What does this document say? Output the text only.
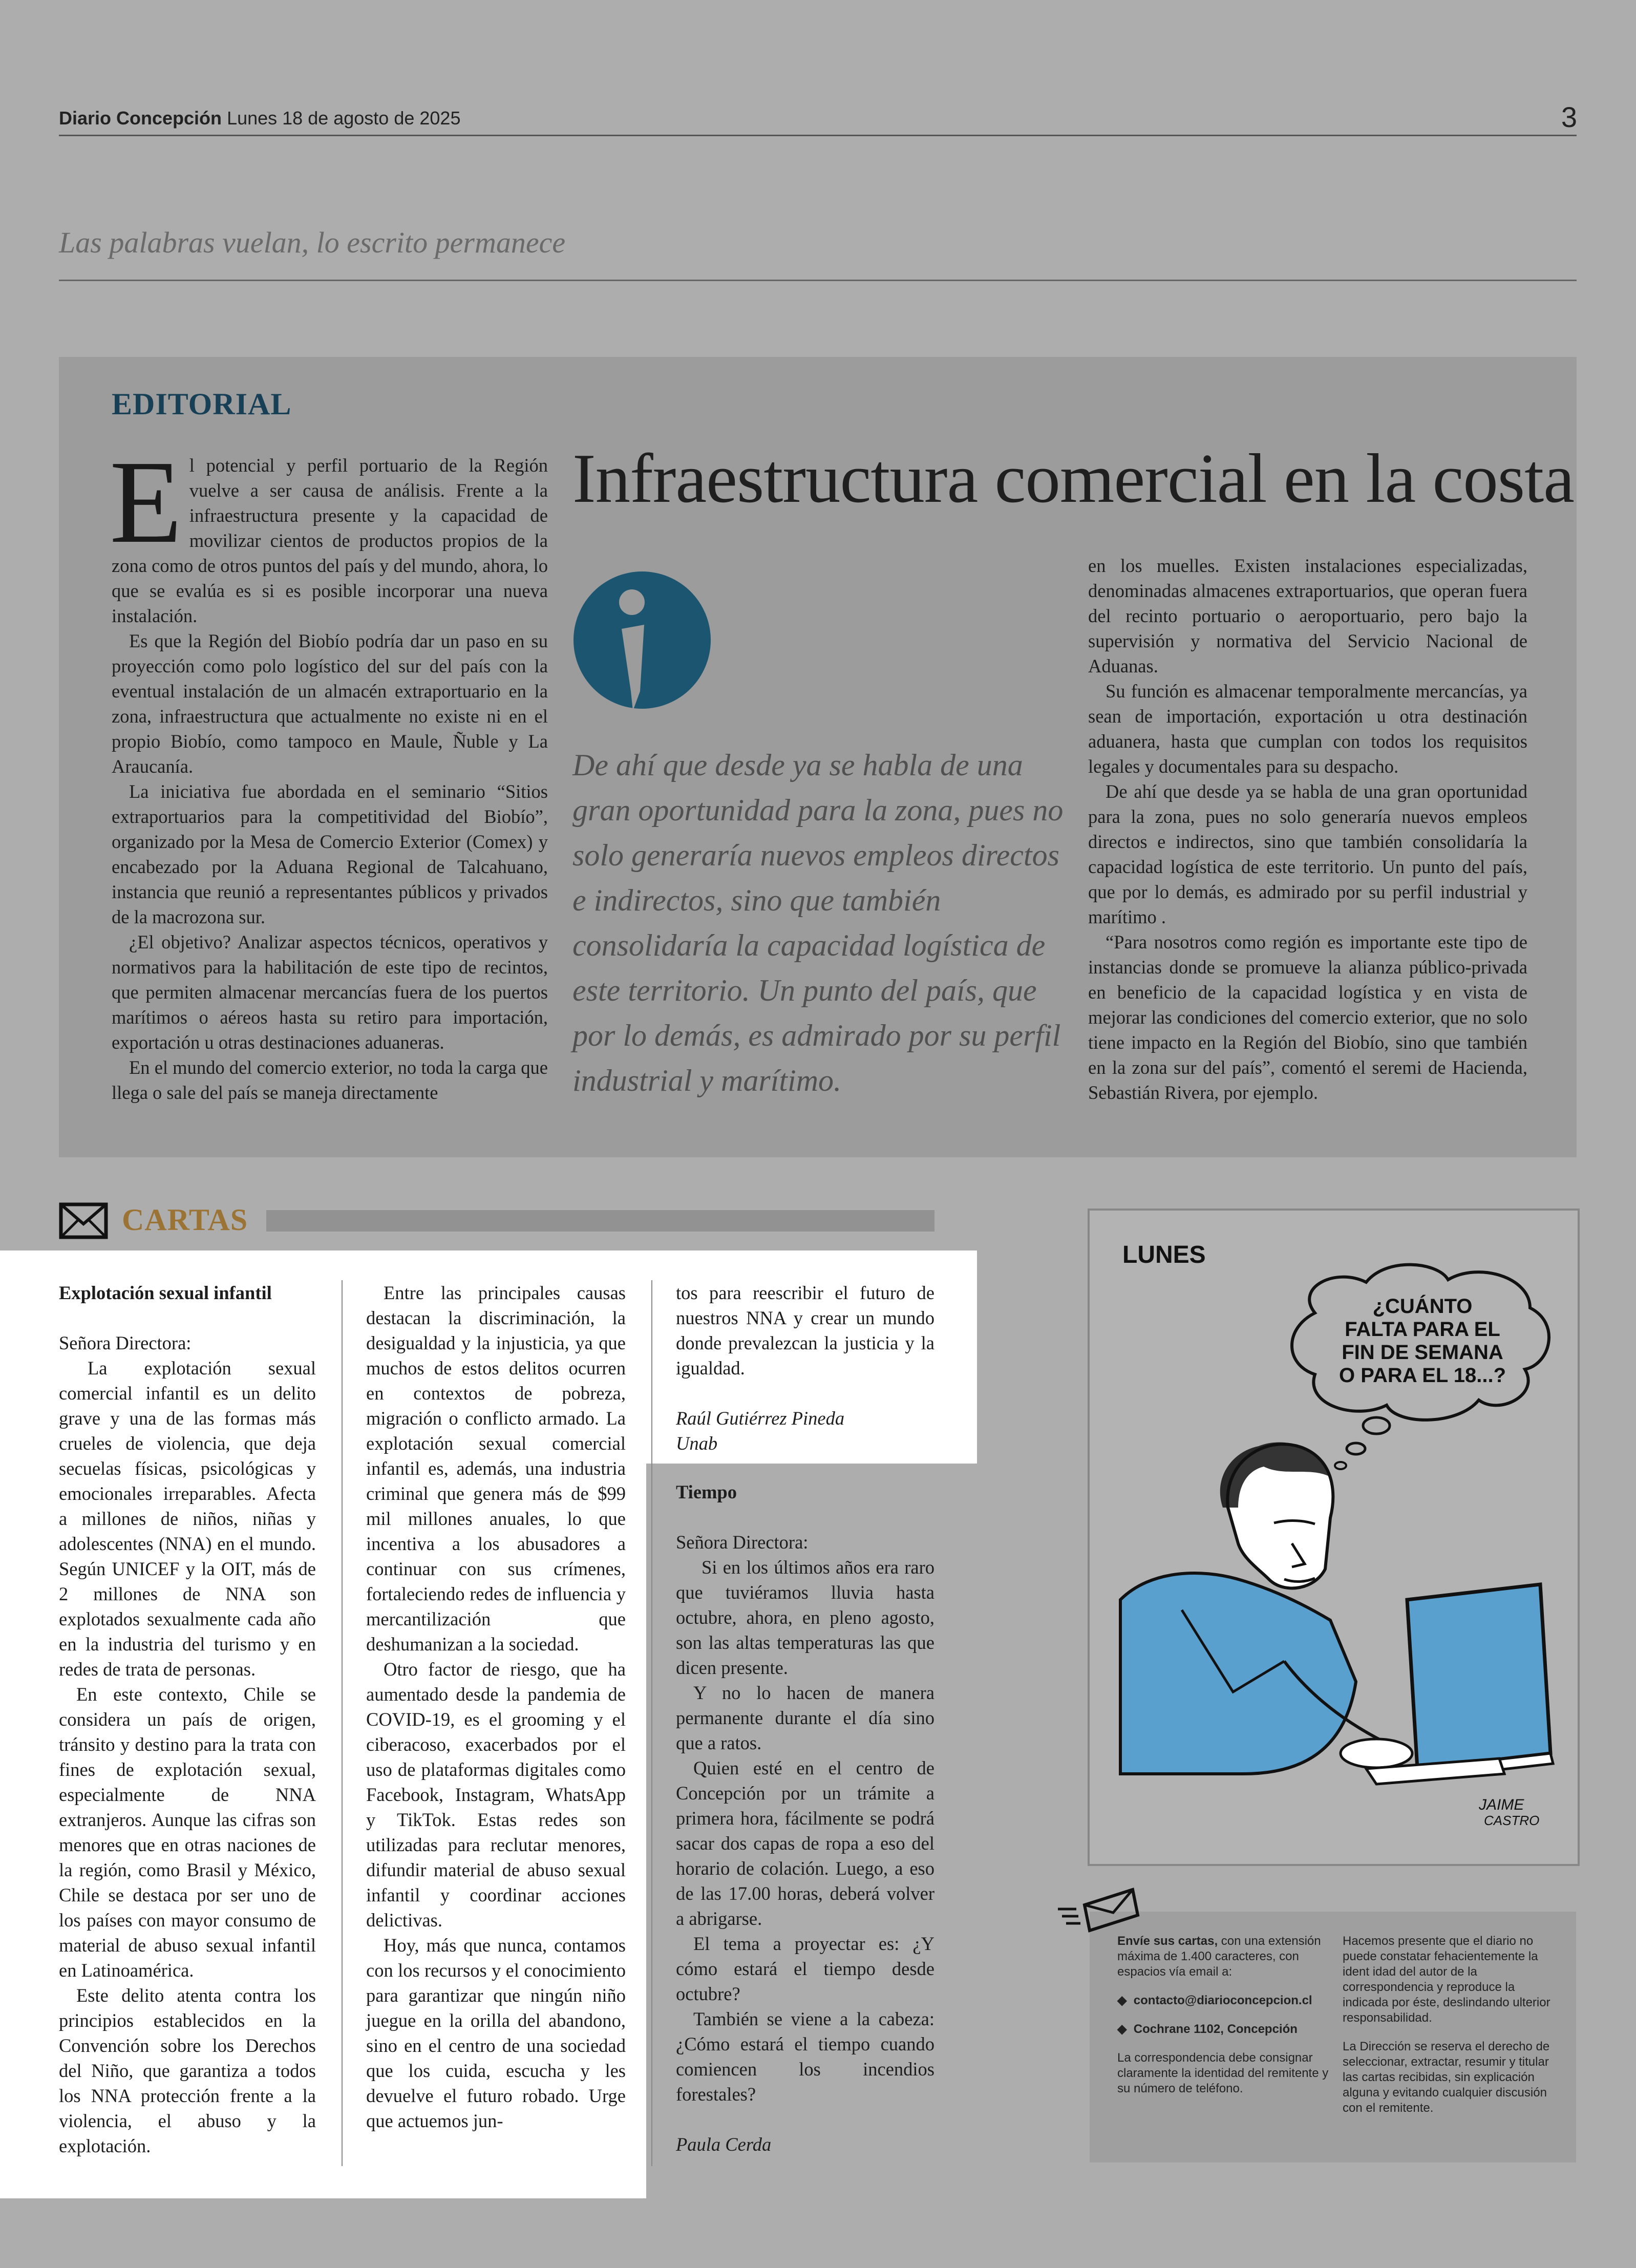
Diario Concepción Lunes 18 de agosto de 2025	3
Las palabras vuelan, lo escrito permanece
EDITORIAL

El potencial y perfil portuario de la Región vuelve a ser causa de análisis. Frente a la infraestructura presente y la capacidad de movilizar cientos de productos propios de la zona como de otros puntos del país y del mundo, ahora, lo que se evalúa es si es posible incorporar una nueva instalación.

Es que la Región del Biobío podría dar un paso en su proyección como polo logístico del sur del país con la eventual instalación de un almacén extraportuario en la zona, infraestructura que actualmente no existe ni en el propio Biobío, como tampoco en Maule, Ñuble y La Araucanía.

La iniciativa fue abordada en el seminario “Sitios extraportuarios para la competitividad del Biobío”, organizado por la Mesa de Comercio Exterior (Comex) y encabezado por la Aduana Regional de Talcahuano, instancia que reunió a representantes públicos y privados de la macrozona sur.

¿El objetivo? Analizar aspectos técnicos, operativos y normativos para la habilitación de este tipo de recintos, que permiten almacenar mercancías fuera de los puertos marítimos o aéreos hasta su retiro para importación, exportación u otras destinaciones aduaneras.

En el mundo del comercio exterior, no toda la carga que llega o sale del país se maneja directamente

Infraestructura comercial en la costa
De ahí que desde ya se habla de una gran oportunidad para la zona, pues no solo generaría nuevos empleos directos e indirectos, sino que también consolidaría la capacidad logística de este territorio. Un punto del país, que por lo demás, es admirado por su perfil industrial y marítimo.

en los muelles. Existen instalaciones especializadas, denominadas almacenes extraportuarios, que operan fuera del recinto portuario o aeroportuario, pero bajo la supervisión y normativa del Servicio Nacional de Aduanas.

Su función es almacenar temporalmente mercancías, ya sean de importación, exportación u otra destinación aduanera, hasta que cumplan con todos los requisitos legales y documentales para su despacho.

De ahí que desde ya se habla de una gran oportunidad para la zona, pues no solo generaría nuevos empleos directos e indirectos, sino que también consolidaría la capacidad logística de este territorio. Un punto del país, que por lo demás, es admirado por su perfil industrial y marítimo .

“Para nosotros como región es importante este tipo de instancias donde se promueve la alianza público-privada en beneficio de la capacidad logística y en vista de mejorar las condiciones del comercio exterior, que no solo tiene impacto en la Región del Biobío, sino que también en la zona sur del país”, comentó el seremi de Hacienda, Sebastián Rivera, por ejemplo.

CARTAS

Explotación sexual infantil

Señora Directora:

La explotación sexual comercial infantil es un delito grave y una de las formas más crueles de violencia, que deja secuelas físicas, psicológicas y emocionales irreparables. Afecta a millones de niños, niñas y adolescentes (NNA) en el mundo. Según UNICEF y la OIT, más de 2 millones de NNA son explotados sexualmente cada año en la industria del turismo y en redes de trata de personas.

En este contexto, Chile se considera un país de origen, tránsito y destino para la trata con fines de explotación sexual, especialmente de NNA extranjeros. Aunque las cifras son menores que en otras naciones de la región, como Brasil y México, Chile se destaca por ser uno de los países con mayor consumo de material de abuso sexual infantil en Latinoamérica.

Este delito atenta contra los principios establecidos en la Convención sobre los Derechos del Niño, que garantiza a todos los NNA protección frente a la violencia, el abuso y la explotación.

Entre las principales causas destacan la discriminación, la desigualdad y la injusticia, ya que muchos de estos delitos ocurren en contextos de pobreza, migración o conflicto armado. La explotación sexual comercial infantil es, además, una industria criminal que genera más de $99 mil millones anuales, lo que incentiva a los abusadores a continuar con sus crímenes, fortaleciendo redes de influencia y mercantilización que deshumanizan a la sociedad.

Otro factor de riesgo, que ha aumentado desde la pandemia de COVID-19, es el grooming y el ciberacoso, exacerbados por el uso de plataformas digitales como Facebook, Instagram, WhatsApp y TikTok. Estas redes son utilizadas para reclutar menores, difundir material de abuso sexual infantil y coordinar acciones delictivas.

Hoy, más que nunca, contamos con los recursos y el conocimiento para garantizar que ningún niño juegue en la orilla del abandono, sino en el centro de una sociedad que los cuida, escucha y les devuelve el futuro robado. Urge que actuemos jun-

tos para reescribir el futuro de nuestros NNA y crear un mundo donde prevalezcan la justicia y la igualdad.

Raúl Gutiérrez Pineda

Unab

Tiempo

Señora Directora:

Si en los últimos años era raro que tuviéramos lluvia hasta octubre, ahora, en pleno agosto, son las altas temperaturas las que dicen presente.

Y no lo hacen de manera permanente durante el día sino que a ratos.

Quien esté en el centro de Concepción por un trámite a primera hora, fácilmente se podrá sacar dos capas de ropa a eso del horario de colación. Luego, a eso de las 17.00 horas, deberá volver a abrigarse.

El tema a proyectar es: ¿Y cómo estará el tiempo desde octubre?

También se viene a la cabeza: ¿Cómo estará el tiempo cuando comiencen los incendios forestales?

Paula Cerda

LUNES
¿CUÁNTO
FALTA PARA EL
FIN DE SEMANA
O PARA EL 18...?
JAIME
CASTRO
Envíe sus cartas, con una extensión máxima de 1.400 caracteres, con espacios vía email a:
◆  contacto@diarioconcepcion.cl
◆  Cochrane 1102, Concepción
La correspondencia debe consignar claramente la identidad del remitente y su número de teléfono.
Hacemos presente que el diario no puede constatar fehacientemente la ident idad del autor de la correspondencia y reproduce la indicada por éste, deslindando ulterior responsabilidad.
La Dirección se reserva el derecho de seleccionar, extractar, resumir y titular las cartas recibidas, sin explicación alguna y evitando cualquier discusión con el remitente.
